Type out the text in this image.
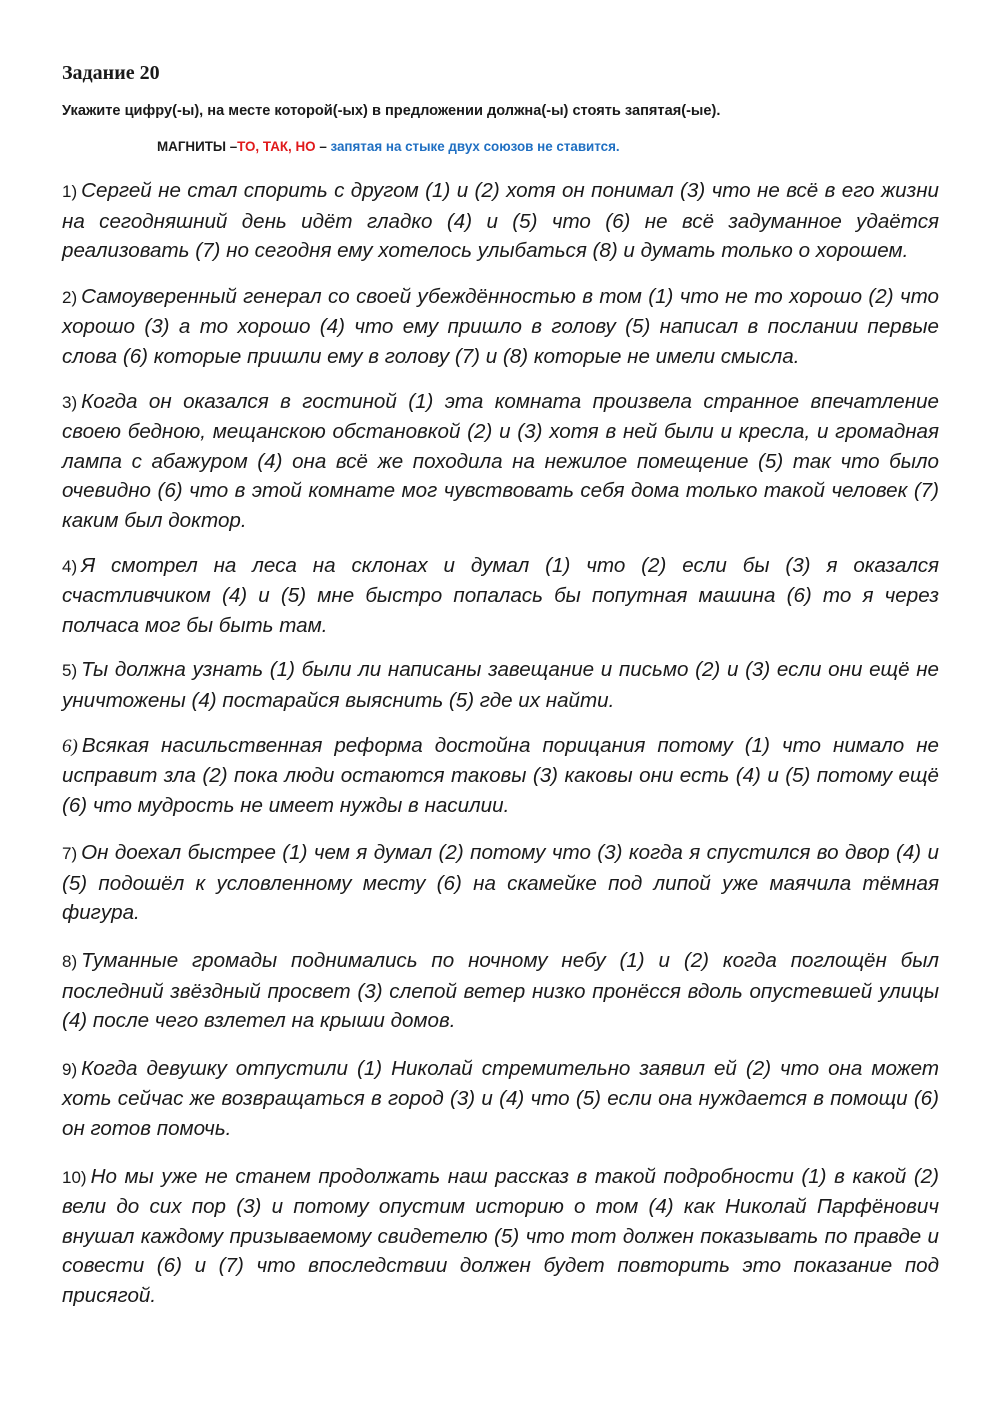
Задание 20

Укажите цифру(-ы), на месте которой(-ых) в предложении должна(-ы) стоять запятая(-ые).

МАГНИТЫ –ТО, ТАК, НО – запятая на стыке двух союзов не ставится.

1) Сергей не стал спорить с другом (1) и (2) хотя он понимал (3) что не всё в его жизни на сегодняшний день идёт гладко (4) и (5) что (6) не всё задуманное удаётся реализовать (7) но сегодня ему хотелось улыбаться (8) и думать только о хорошем.
2) Самоуверенный генерал со своей убеждённостью в том (1) что не то хорошо (2) что хорошо (3) а то хорошо (4) что ему пришло в голову (5) написал в послании первые слова (6) которые пришли ему в голову (7) и (8) которые не имели смысла.
3) Когда он оказался в гостиной (1) эта комната произвела странное впечатление своею бедною, мещанскою обстановкой (2) и (3) хотя в ней были и кресла, и громадная лампа с абажуром (4) она всё же походила на нежилое помещение (5) так что было очевидно (6) что в этой комнате мог чувствовать себя дома только такой человек (7) каким был доктор.
4) Я смотрел на леса на склонах и думал (1) что (2) если бы (3) я оказался счастливчиком (4) и (5) мне быстро попалась бы попутная машина (6) то я через полчаса мог бы быть там.
5) Ты должна узнать (1) были ли написаны завещание и письмо (2) и (3) если они ещё не уничтожены (4) постарайся выяснить (5) где их найти.
6) Всякая насильственная реформа достойна порицания потому (1) что нимало не исправит зла (2) пока люди остаются таковы (3) каковы они есть (4) и (5) потому ещё (6) что мудрость не имеет нужды в насилии.
7) Он доехал быстрее (1) чем я думал (2) потому что (3) когда я спустился во двор (4) и (5) подошёл к условленному месту (6) на скамейке под липой уже маячила тёмная фигура.
8) Туманные громады поднимались по ночному небу (1) и (2) когда поглощён был последний звёздный просвет (3) слепой ветер низко пронёсся вдоль опустевшей улицы (4) после чего взлетел на крыши домов.
9) Когда девушку отпустили (1) Николай стремительно заявил ей (2) что она может хоть сейчас же возвращаться в город (3) и (4) что (5) если она нуждается в помощи (6) он готов помочь.
10) Но мы уже не станем продолжать наш рассказ в такой подробности (1) в какой (2) вели до сих пор (3) и потому опустим историю о том (4) как Николай Парфёнович внушал каждому призываемому свидетелю (5) что тот должен показывать по правде и совести (6) и (7) что впоследствии должен будет повторить это показание под присягой.
